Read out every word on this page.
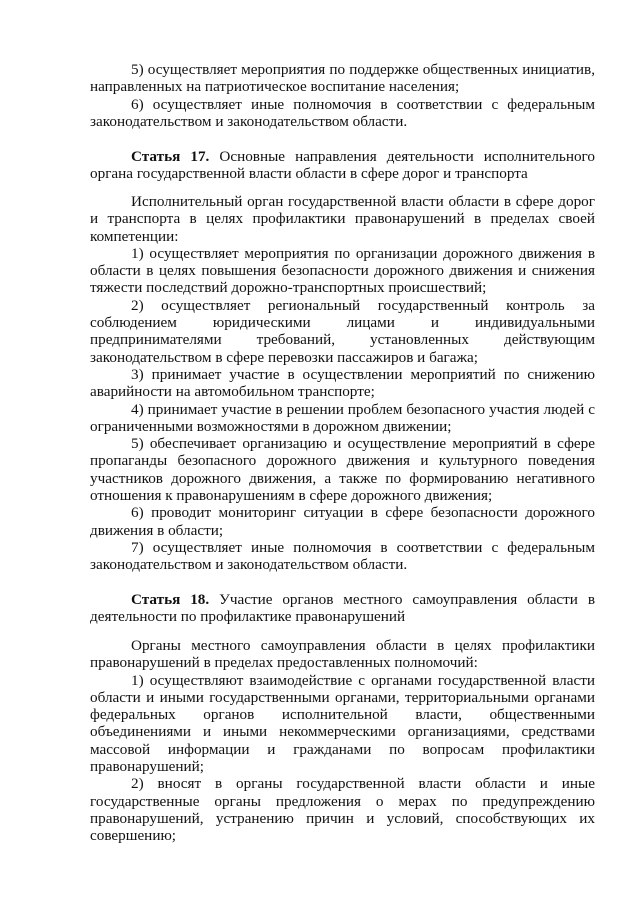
5) осуществляет мероприятия по поддержке общественных инициатив, направленных на патриотическое воспитание населения;

6) осуществляет иные полномочия в соответствии с федеральным законодательством и законодательством области.

Статья 17. Основные направления деятельности исполнительного органа государственной власти области в сфере дорог и транспорта

Исполнительный орган государственной власти области в сфере дорог и транспорта в целях профилактики правонарушений в пределах своей компетенции:

1) осуществляет мероприятия по организации дорожного движения в области в целях повышения безопасности дорожного движения и снижения тяжести последствий дорожно-транспортных происшествий;

2) осуществляет региональный государственный контроль за соблюдением юридическими лицами и индивидуальными предпринимателями требований, установленных действующим законодательством в сфере перевозки пассажиров и багажа;

3) принимает участие в осуществлении мероприятий по снижению аварийности на автомобильном транспорте;

4) принимает участие в решении проблем безопасного участия людей с ограниченными возможностями в дорожном движении;

5) обеспечивает организацию и осуществление мероприятий в сфере пропаганды безопасного дорожного движения и культурного поведения участников дорожного движения, а также по формированию негативного отношения к правонарушениям в сфере дорожного движения;

6) проводит мониторинг ситуации в сфере безопасности дорожного движения в области;

7) осуществляет иные полномочия в соответствии с федеральным законодательством и законодательством области.

Статья 18. Участие органов местного самоуправления области в деятельности по профилактике правонарушений

Органы местного самоуправления области в целях профилактики правонарушений в пределах предоставленных полномочий:

1) осуществляют взаимодействие с органами государственной власти области и иными государственными органами, территориальными органами федеральных органов исполнительной власти, общественными объединениями и иными некоммерческими организациями, средствами массовой информации и гражданами по вопросам профилактики правонарушений;

2) вносят в органы государственной власти области и иные государственные органы предложения о мерах по предупреждению правонарушений, устранению причин и условий, способствующих их совершению;
